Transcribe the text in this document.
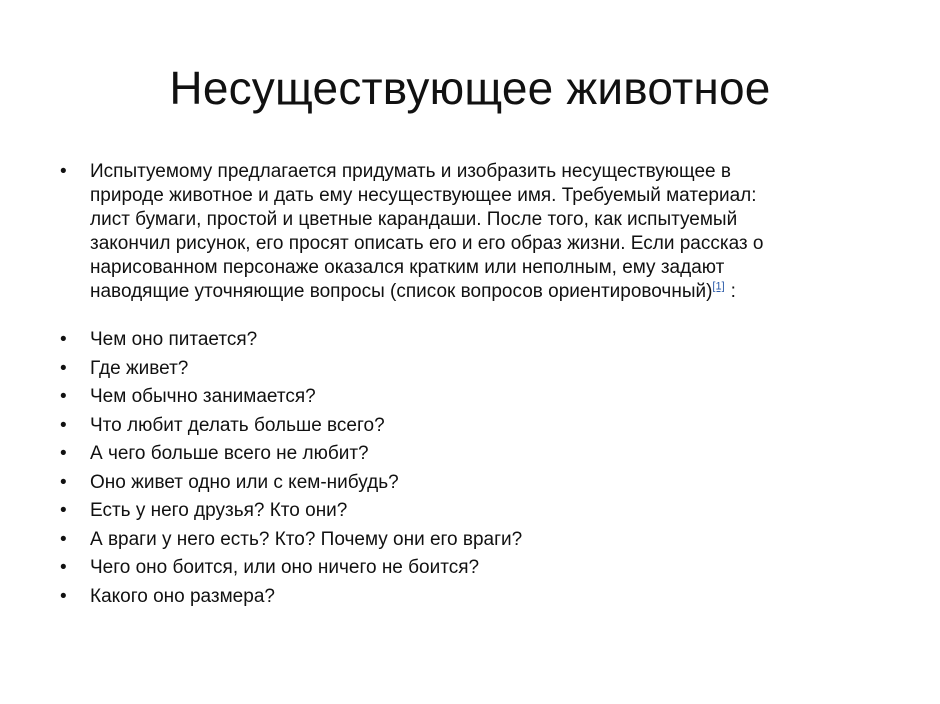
Несуществующее животное
•	Испытуемому предлагается придумать и изобразить несуществующее в
природе животное и дать ему несуществующее имя. Требуемый материал:
лист бумаги, простой и цветные карандаши. После того, как испытуемый
закончил рисунок, его просят описать его и его образ жизни. Если рассказ о
нарисованном персонаже оказался кратким или неполным, ему задают
наводящие уточняющие вопросы (список вопросов ориентировочный)[1] :
•	Чем оно питается?
•	Где живет?
•	Чем обычно занимается?
•	Что любит делать больше всего?
•	А чего больше всего не любит?
•	Оно живет одно или с кем-нибудь?
•	Есть у него друзья? Кто они?
•	А враги у него есть? Кто? Почему они его враги?
•	Чего оно боится, или оно ничего не боится?
•	Какого оно размера?
